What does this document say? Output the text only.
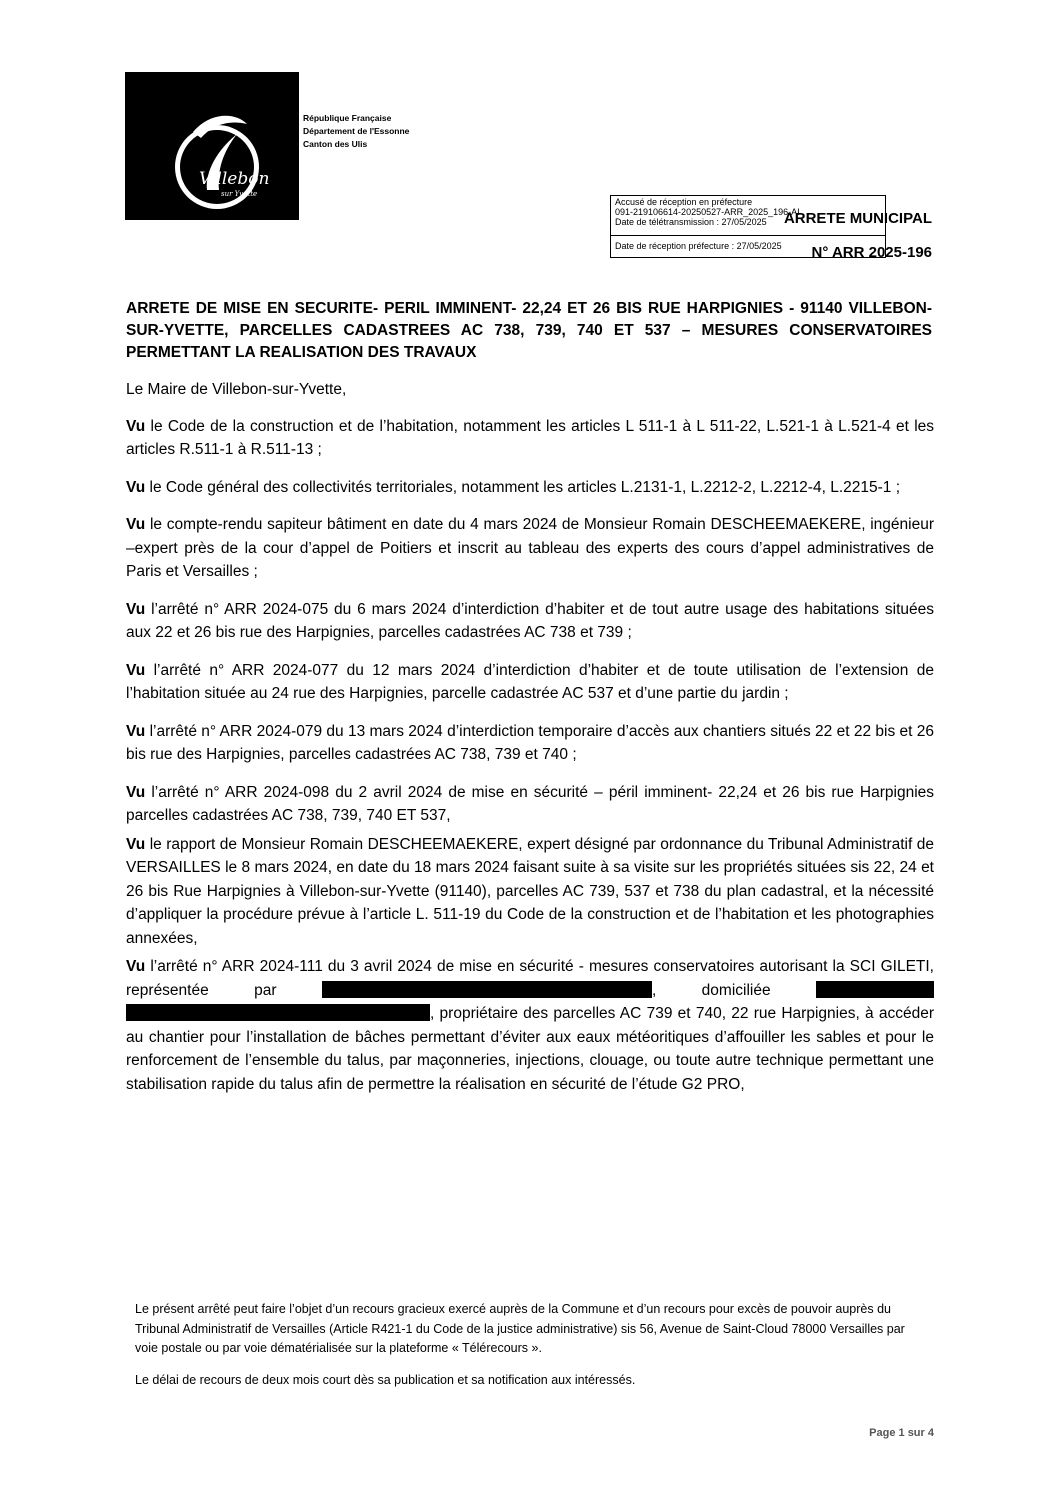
Villebon
sur Yvette
République Française
Département de l'Essonne
Canton des Ulis
Accusé de réception en préfecture
091-219106614-20250527-ARR_2025_196-AI
Date de télétransmission : 27/05/2025
Date de réception préfecture : 27/05/2025
ARRETE MUNICIPAL
N° ARR 2025-196
ARRETE DE MISE EN SECURITE- PERIL IMMINENT- 22,24 ET 26 BIS RUE HARPIGNIES - 91140 VILLEBON-SUR-YVETTE, PARCELLES CADASTREES AC 738, 739, 740 ET 537 – MESURES CONSERVATOIRES PERMETTANT LA REALISATION DES TRAVAUX

Le Maire de Villebon-sur-Yvette,

Vu le Code de la construction et de l’habitation, notamment les articles L 511-1 à L 511-22, L.521-1 à L.521-4 et les articles R.511-1 à R.511-13 ;

Vu le Code général des collectivités territoriales, notamment les articles L.2131-1, L.2212-2, L.2212-4, L.2215-1 ;

Vu le compte-rendu sapiteur bâtiment en date du 4 mars 2024 de Monsieur Romain DESCHEEMAEKERE, ingénieur –expert près de la cour d’appel de Poitiers et inscrit au tableau des experts des cours d’appel administratives de Paris et Versailles ;

Vu l’arrêté n° ARR 2024-075 du 6 mars 2024 d’interdiction d’habiter et de tout autre usage des habitations situées aux 22 et 26 bis rue des Harpignies, parcelles cadastrées AC 738 et 739 ;

Vu l’arrêté n° ARR 2024-077 du 12 mars 2024 d’interdiction d’habiter et de toute utilisation de l’extension de l’habitation située au 24 rue des Harpignies, parcelle cadastrée AC 537 et d’une partie du jardin ;

Vu l’arrêté n° ARR 2024-079 du 13 mars 2024 d’interdiction temporaire d’accès aux chantiers situés 22 et 22 bis et 26 bis rue des Harpignies, parcelles cadastrées AC 738, 739 et 740 ;

Vu l’arrêté n° ARR 2024-098 du 2 avril 2024 de mise en sécurité – péril imminent- 22,24 et 26 bis rue Harpignies parcelles cadastrées AC 738, 739, 740 ET 537,

Vu le rapport de Monsieur Romain DESCHEEMAEKERE, expert désigné par ordonnance du Tribunal Administratif de VERSAILLES le 8 mars 2024, en date du 18 mars 2024 faisant suite à sa visite sur les propriétés situées sis 22, 24 et 26 bis Rue Harpignies à Villebon-sur-Yvette (91140), parcelles AC 739, 537 et 738 du plan cadastral, et la nécessité d’appliquer la procédure prévue à l’article L. 511-19 du Code de la construction et de l’habitation et les photographies annexées,

Vu l’arrêté n° ARR 2024-111 du 3 avril 2024 de mise en sécurité - mesures conservatoires autorisant la SCI GILETI, représentée par	, domiciliée  , propriétaire des parcelles AC 739 et 740, 22 rue Harpignies, à accéder au chantier pour l’installation de bâches permettant d’éviter aux eaux météoritiques d’affouiller les sables et pour le renforcement de l’ensemble du talus, par maçonneries, injections, clouage, ou toute autre technique permettant une stabilisation rapide du talus afin de permettre la réalisation en sécurité de l’étude G2 PRO,

Le présent arrêté peut faire l’objet d’un recours gracieux exercé auprès de la Commune et d’un recours pour excès de pouvoir auprès du Tribunal Administratif de Versailles (Article R421-1 du Code de la justice administrative) sis 56, Avenue de Saint-Cloud 78000 Versailles par voie postale ou par voie dématérialisée sur la plateforme « Télérecours ».

Le délai de recours de deux mois court dès sa publication et sa notification aux intéressés.

Page 1 sur 4
